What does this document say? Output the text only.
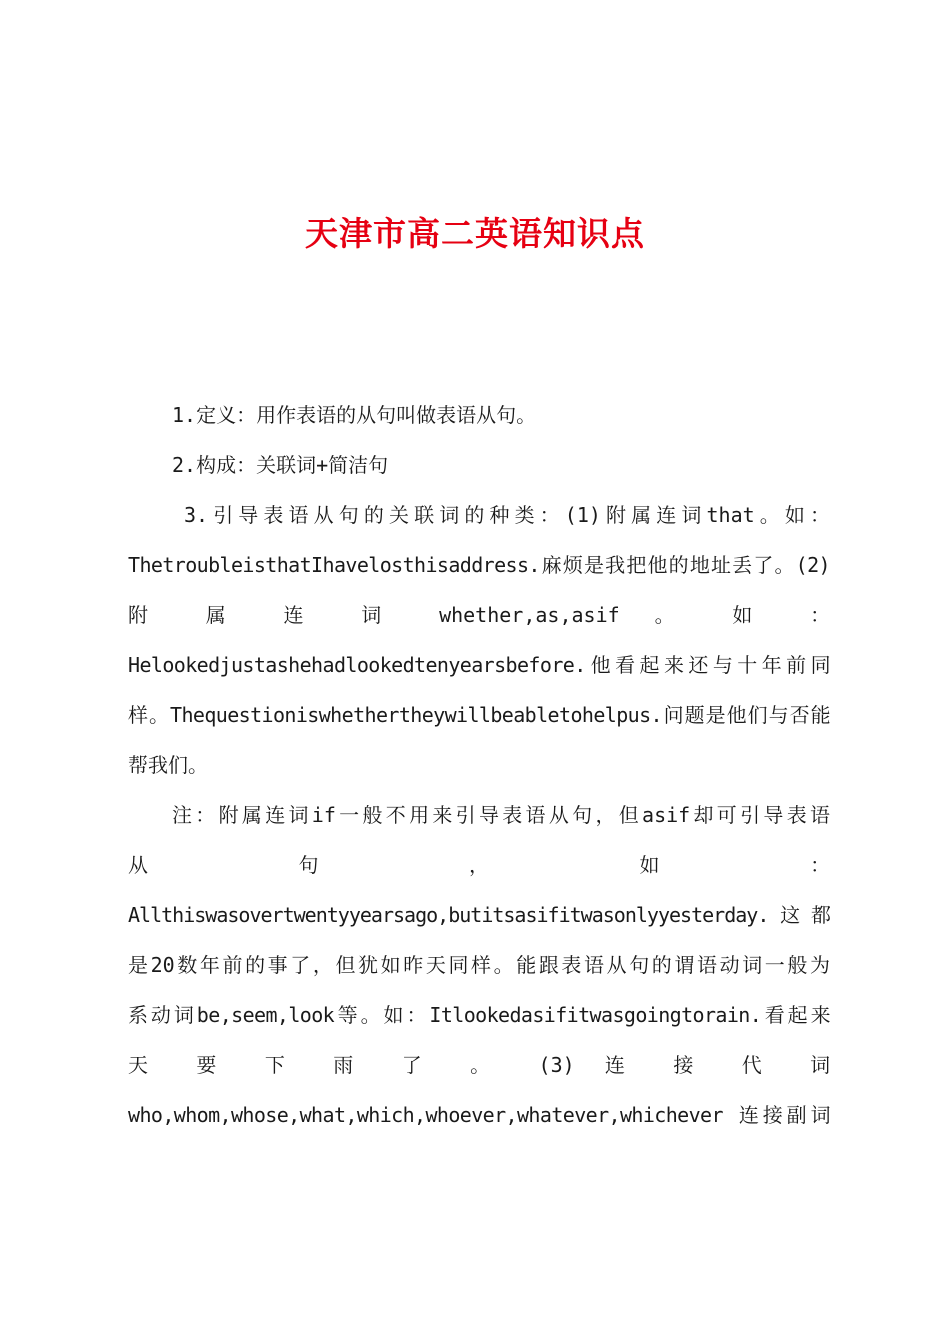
天津市高二英语知识点
1.定义：用作表语的从句叫做表语从句。
2.构成：关联词+简洁句
3.引导表语从句的关联词的种类：(1)附属连词that。如：
ThetroubleisthatIhavelosthisaddress.麻烦是我把他的地址丢了。(2)
附 属 连 词 whether,as,asif 。 如 ：
Helookedjustashehadlookedtenyearsbefore.他看起来还与十年前同
样。Thequestioniswhethertheywillbeabletohelpus.问题是他们与否能
帮我们。
注：附属连词if一般不用来引导表语从句，但asif却可引导表语
从	句	，	如	：
Allthiswasovertwentyyearsago,butitsasifitwasonlyyesterday.这都
是20数年前的事了，但犹如昨天同样。能跟表语从句的谓语动词一般为
系动词be,seem,look等。如：Itlookedasifitwasgoingtorain.看起来
天 要 下 雨 了 。 (3) 连 接 代 词
who,whom,whose,what,which,whoever,whatever,whichever 连接副词
